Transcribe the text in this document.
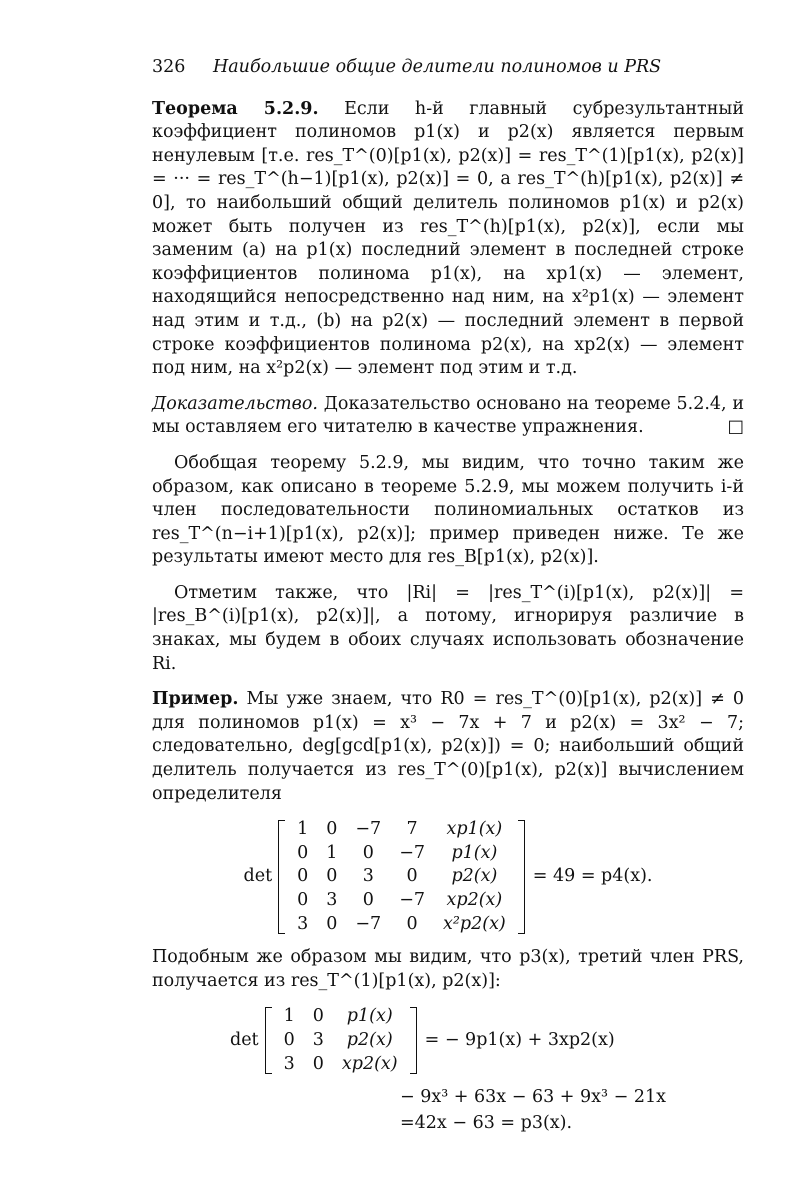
326 Наибольшие общие делители полиномов и PRS

Теорема 5.2.9. Если h-й главный субрезультантный коэффициент полиномов p1(x) и p2(x) является первым ненулевым [т.е. res_T^(0)[p1(x), p2(x)] = res_T^(1)[p1(x), p2(x)] = ··· = res_T^(h−1)[p1(x), p2(x)] = 0, а res_T^(h)[p1(x), p2(x)] ≠ 0], то наибольший общий делитель полиномов p1(x) и p2(x) может быть получен из res_T^(h)[p1(x), p2(x)], если мы заменим (a) на p1(x) последний элемент в последней строке коэффициентов полинома p1(x), на xp1(x) — элемент, находящийся непосредственно над ним, на x²p1(x) — элемент над этим и т.д., (b) на p2(x) — последний элемент в первой строке коэффициентов полинома p2(x), на xp2(x) — элемент под ним, на x²p2(x) — элемент под этим и т.д.

Доказательство. Доказательство основано на теореме 5.2.4, и мы оставляем его читателю в качестве упражнения.	□

Обобщая теорему 5.2.9, мы видим, что точно таким же образом, как описано в теореме 5.2.9, мы можем получить i-й член последовательности полиномиальных остатков из res_T^(n−i+1)[p1(x), p2(x)]; пример приведен ниже. Те же результаты имеют место для res_B[p1(x), p2(x)].

Отметим также, что |Ri| = |res_T^(i)[p1(x), p2(x)]| = |res_B^(i)[p1(x), p2(x)]|, а потому, игнорируя различие в знаках, мы будем в обоих случаях использовать обозначение Ri.

Пример. Мы уже знаем, что R0 = res_T^(0)[p1(x), p2(x)] ≠ 0 для полиномов p1(x) = x³ − 7x + 7 и p2(x) = 3x² − 7; следовательно, deg[gcd[p1(x), p2(x)]) = 0; наибольший общий делитель получается из res_T^(0)[p1(x), p2(x)] вычислением определителя

det
1	0	−7	7	xp1(x)
0	1	0	−7	p1(x)
0	0	3	0	p2(x)
0	3	0	−7	xp2(x)
3	0	−7	0	x²p2(x)
= 49 = p4(x).

Подобным же образом мы видим, что p3(x), третий член PRS, получается из res_T^(1)[p1(x), p2(x)]:

det
1	0	p1(x)
0	3	p2(x)
3	0	xp2(x)
= − 9p1(x) + 3xp2(x)
− 9x³ + 63x − 63 + 9x³ − 21x
=42x − 63 = p3(x).
